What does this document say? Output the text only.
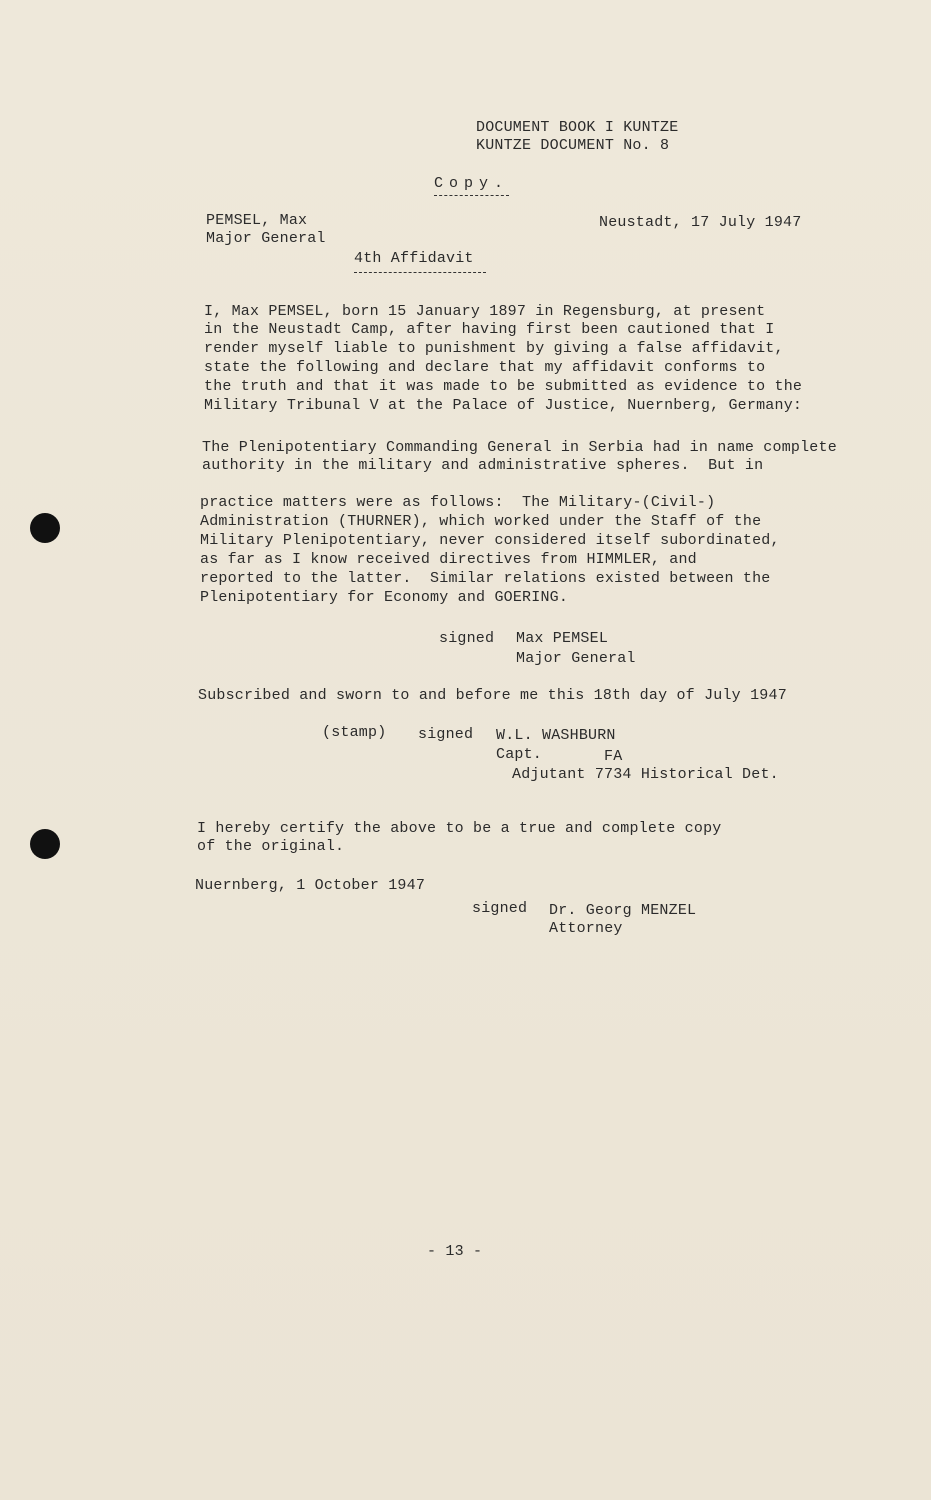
DOCUMENT BOOK I KUNTZE
KUNTZE DOCUMENT No. 8
Copy.
PEMSEL, Max
Major General
Neustadt, 17 July 1947
4th Affidavit
I, Max PEMSEL, born 15 January 1897 in Regensburg, at present
in the Neustadt Camp, after having first been cautioned that I
render myself liable to punishment by giving a false affidavit,
state the following and declare that my affidavit conforms to
the truth and that it was made to be submitted as evidence to the
Military Tribunal V at the Palace of Justice, Nuernberg, Germany:
The Plenipotentiary Commanding General in Serbia had in name complete
authority in the military and administrative spheres.  But in
practice matters were as follows:  The Military-(Civil-)
Administration (THURNER), which worked under the Staff of the
Military Plenipotentiary, never considered itself subordinated,
as far as I know received directives from HIMMLER, and
reported to the latter.  Similar relations existed between the
Plenipotentiary for Economy and GOERING.
signed Max PEMSEL
Major General
Subscribed and sworn to and before me this 18th day of July 1947
(stamp) signed W.L. WASHBURN
Capt.	FA
Adjutant 7734 Historical Det.
I hereby certify the above to be a true and complete copy
of the original.
Nuernberg, 1 October 1947
signed Dr. Georg MENZEL
Attorney
- 13 -
